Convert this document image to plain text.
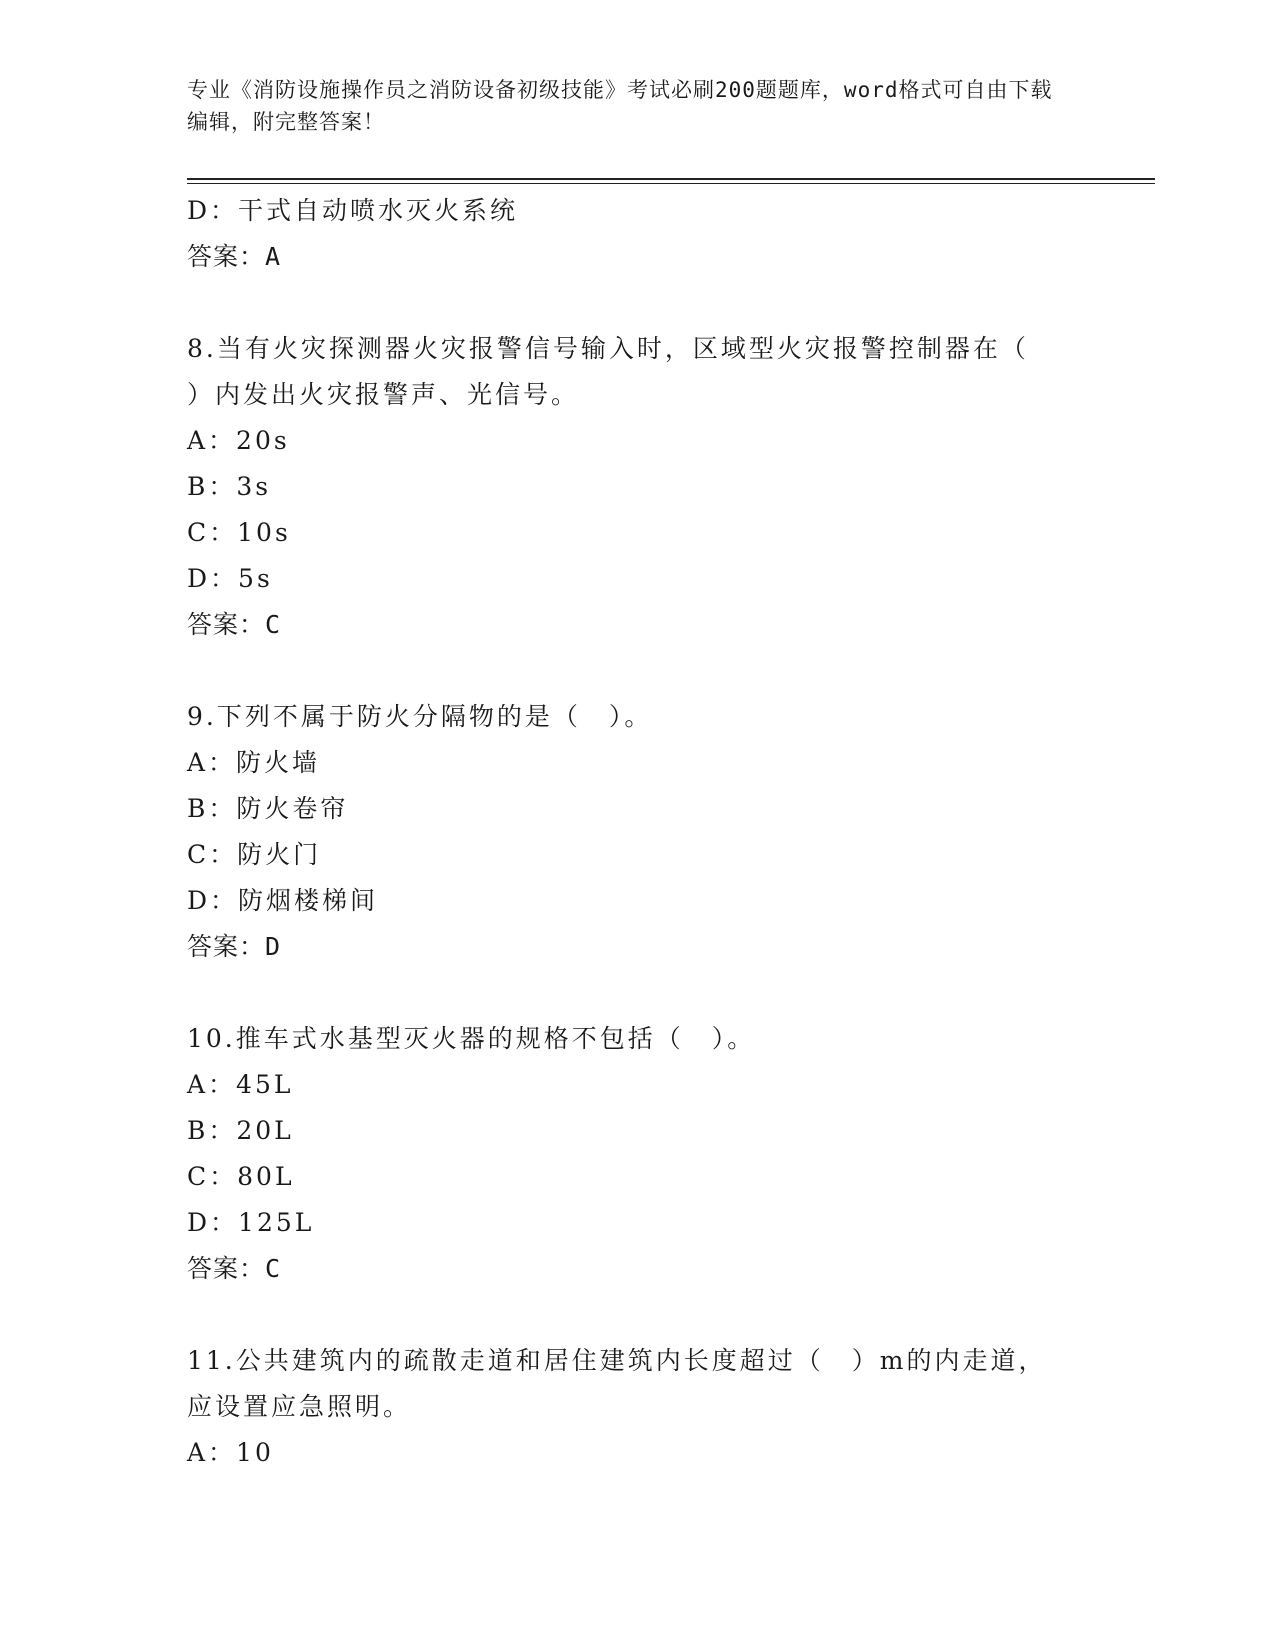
专业《消防设施操作员之消防设备初级技能》考试必刷200题题库，word格式可自由下载编辑，附完整答案！
D：干式自动喷水灭火系统
答案：A
8.当有火灾探测器火灾报警信号输入时，区域型火灾报警控制器在（
）内发出火灾报警声、光信号。
A：20s
B：3s
C：10s
D：5s
答案：C
9.下列不属于防火分隔物的是（　）。
A：防火墙
B：防火卷帘
C：防火门
D：防烟楼梯间
答案：D
10.推车式水基型灭火器的规格不包括（　）。
A：45L
B：20L
C：80L
D：125L
答案：C
11.公共建筑内的疏散走道和居住建筑内长度超过（　）m的内走道，
应设置应急照明。
A：10
